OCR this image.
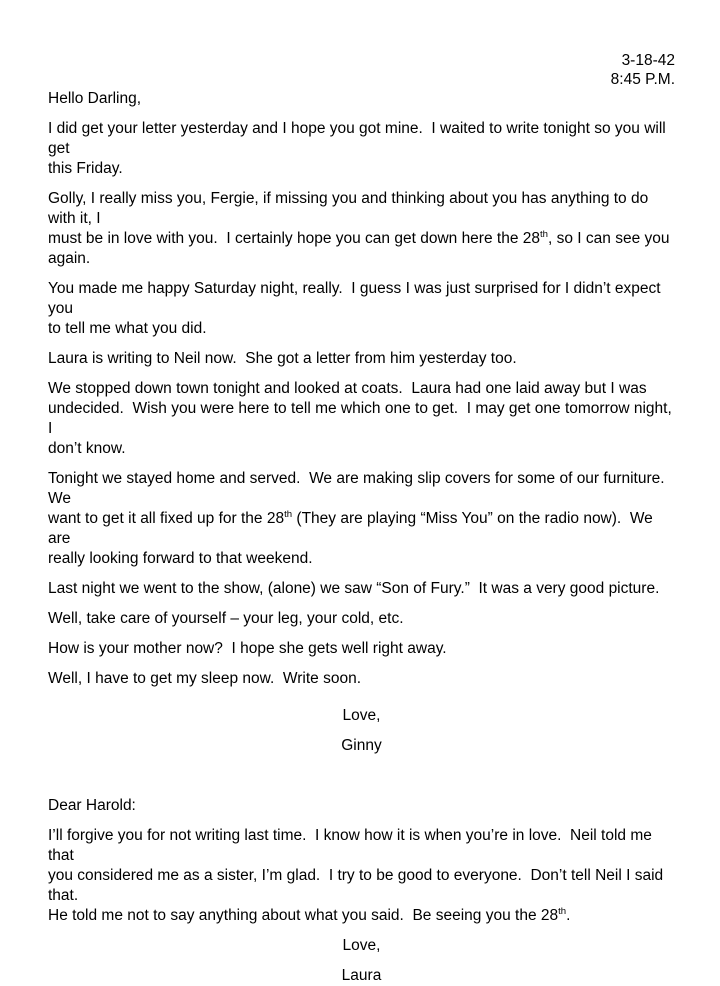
3-18-42
8:45 P.M.

Hello Darling,

I did get your letter yesterday and I hope you got mine.  I waited to write tonight so you will get
this Friday.

Golly, I really miss you, Fergie, if missing you and thinking about you has anything to do with it, I
must be in love with you.  I certainly hope you can get down here the 28th, so I can see you
again.

You made me happy Saturday night, really.  I guess I was just surprised for I didn’t expect you
to tell me what you did.

Laura is writing to Neil now.  She got a letter from him yesterday too.

We stopped down town tonight and looked at coats.  Laura had one laid away but I was
undecided.  Wish you were here to tell me which one to get.  I may get one tomorrow night, I
don’t know.

Tonight we stayed home and served.  We are making slip covers for some of our furniture.  We
want to get it all fixed up for the 28th (They are playing “Miss You” on the radio now).  We are
really looking forward to that weekend.

Last night we went to the show, (alone) we saw “Son of Fury.”  It was a very good picture.

Well, take care of yourself – your leg, your cold, etc.

How is your mother now?  I hope she gets well right away.

Well, I have to get my sleep now.  Write soon.

Love,

Ginny

Dear Harold:

I’ll forgive you for not writing last time.  I know how it is when you’re in love.  Neil told me that
you considered me as a sister, I’m glad.  I try to be good to everyone.  Don’t tell Neil I said that.
He told me not to say anything about what you said.  Be seeing you the 28th.

Love,

Laura
